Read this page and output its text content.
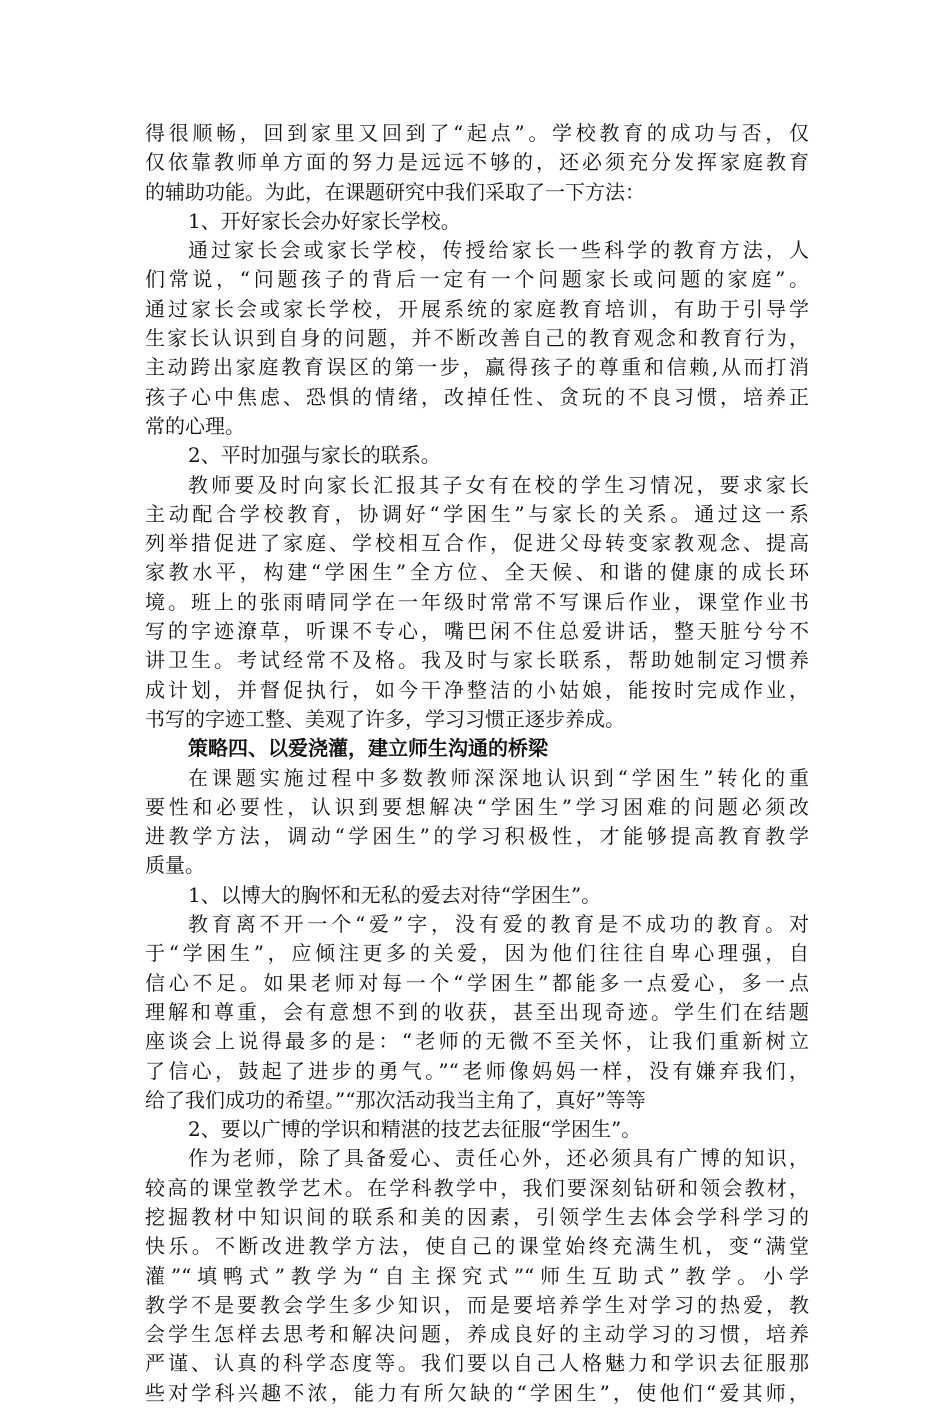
得很顺畅，回到家里又回到了“起点”。学校教育的成功与否，仅
仅依靠教师单方面的努力是远远不够的，还必须充分发挥家庭教育
的辅助功能。为此，在课题研究中我们采取了一下方法：
1、开好家长会办好家长学校。
通过家长会或家长学校，传授给家长一些科学的教育方法，人
们常说，“问题孩子的背后一定有一个问题家长或问题的家庭”。
通过家长会或家长学校，开展系统的家庭教育培训，有助于引导学
生家长认识到自身的问题，并不断改善自己的教育观念和教育行为，
主动跨出家庭教育误区的第一步，赢得孩子的尊重和信赖,从而打消
孩子心中焦虑、恐惧的情绪，改掉任性、贪玩的不良习惯，培养正
常的心理。
2、平时加强与家长的联系。
教师要及时向家长汇报其子女有在校的学生习情况，要求家长
主动配合学校教育，协调好“学困生”与家长的关系。通过这一系
列举措促进了家庭、学校相互合作，促进父母转变家教观念、提高
家教水平，构建“学困生”全方位、全天候、和谐的健康的成长环
境。班上的张雨晴同学在一年级时常常不写课后作业，课堂作业书
写的字迹潦草，听课不专心，嘴巴闲不住总爱讲话，整天脏兮兮不
讲卫生。考试经常不及格。我及时与家长联系，帮助她制定习惯养
成计划，并督促执行，如今干净整洁的小姑娘，能按时完成作业，
书写的字迹工整、美观了许多，学习习惯正逐步养成。
策略四、以爱浇灌，建立师生沟通的桥梁
在课题实施过程中多数教师深深地认识到“学困生”转化的重
要性和必要性，认识到要想解决“学困生”学习困难的问题必须改
进教学方法，调动“学困生”的学习积极性，才能够提高教育教学
质量。
1、以博大的胸怀和无私的爱去对待“学困生”。
教育离不开一个“爱”字，没有爱的教育是不成功的教育。对
于“学困生”，应倾注更多的关爱，因为他们往往自卑心理强，自
信心不足。如果老师对每一个“学困生”都能多一点爱心，多一点
理解和尊重，会有意想不到的收获，甚至出现奇迹。学生们在结题
座谈会上说得最多的是：“老师的无微不至关怀，让我们重新树立
了信心，鼓起了进步的勇气。”“老师像妈妈一样，没有嫌弃我们，
给了我们成功的希望。”“那次活动我当主角了，真好”等等
2、要以广博的学识和精湛的技艺去征服“学困生”。
作为老师，除了具备爱心、责任心外，还必须具有广博的知识，
较高的课堂教学艺术。在学科教学中，我们要深刻钻研和领会教材，
挖掘教材中知识间的联系和美的因素，引领学生去体会学科学习的
快乐。不断改进教学方法，使自己的课堂始终充满生机，变“满堂
灌”“填鸭式”教学为“自主探究式”“师生互助式”教学。小学
教学不是要教会学生多少知识，而是要培养学生对学习的热爱，教
会学生怎样去思考和解决问题，养成良好的主动学习的习惯，培养
严谨、认真的科学态度等。我们要以自己人格魅力和学识去征服那
些对学科兴趣不浓，能力有所欠缺的“学困生”，使他们“爱其师，
